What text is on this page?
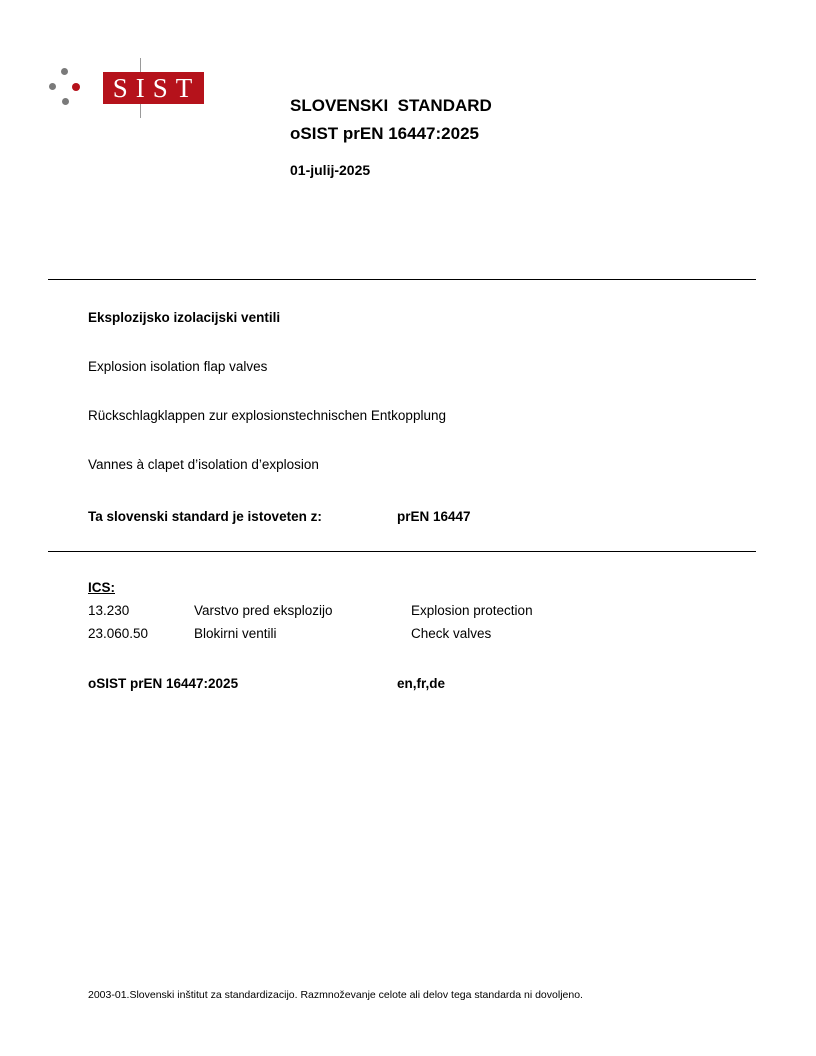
SIST
SLOVENSKI  STANDARD
oSIST prEN 16447:2025
01-julij-2025
Eksplozijsko izolacijski ventili
Explosion isolation flap valves
Rückschlagklappen zur explosionstechnischen Entkopplung
Vannes à clapet d’isolation d’explosion
Ta slovenski standard je istoveten z:	prEN 16447
ICS:
13.230	Varstvo pred eksplozijo	Explosion protection
23.060.50	Blokirni ventili	Check valves
oSIST prEN 16447:2025	en,fr,de
2003-01.Slovenski inštitut za standardizacijo. Razmnoževanje celote ali delov tega standarda ni dovoljeno.
